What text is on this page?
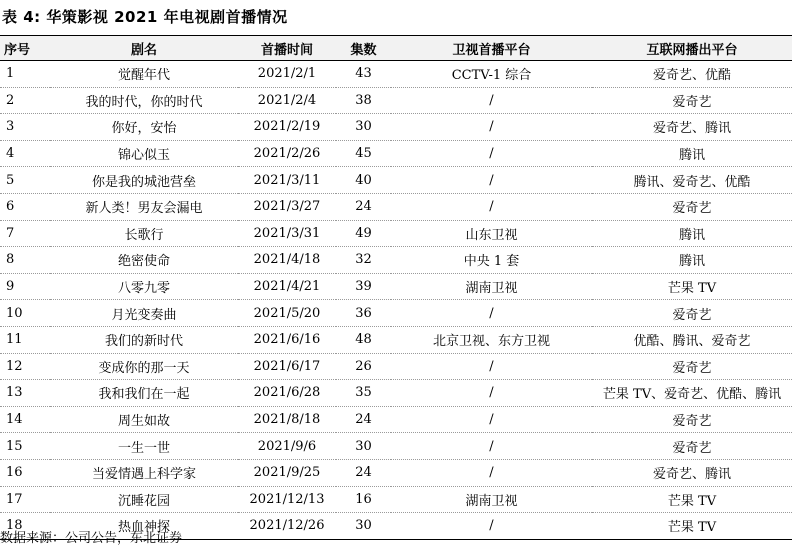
表 4: 华策影视 2021 年电视剧首播情况
序号	剧名	首播时间	集数	卫视首播平台	互联网播出平台
1	觉醒年代	2021/2/1	43	CCTV-1 综合	爱奇艺、优酷
2	我的时代，你的时代	2021/2/4	38	/	爱奇艺
3	你好，安怡	2021/2/19	30	/	爱奇艺、腾讯
4	锦心似玉	2021/2/26	45	/	腾讯
5	你是我的城池营垒	2021/3/11	40	/	腾讯、爱奇艺、优酷
6	新人类！男友会漏电	2021/3/27	24	/	爱奇艺
7	长歌行	2021/3/31	49	山东卫视	腾讯
8	绝密使命	2021/4/18	32	中央 1 套	腾讯
9	八零九零	2021/4/21	39	湖南卫视	芒果 TV
10	月光变奏曲	2021/5/20	36	/	爱奇艺
11	我们的新时代	2021/6/16	48	北京卫视、东方卫视	优酷、腾讯、爱奇艺
12	变成你的那一天	2021/6/17	26	/	爱奇艺
13	我和我们在一起	2021/6/28	35	/	芒果 TV、爱奇艺、优酷、腾讯
14	周生如故	2021/8/18	24	/	爱奇艺
15	一生一世	2021/9/6	30	/	爱奇艺
16	当爱情遇上科学家	2021/9/25	24	/	爱奇艺、腾讯
17	沉睡花园	2021/12/13	16	湖南卫视	芒果 TV
18	热血神探	2021/12/26	30	/	芒果 TV
数据来源：公司公告，东北证券
